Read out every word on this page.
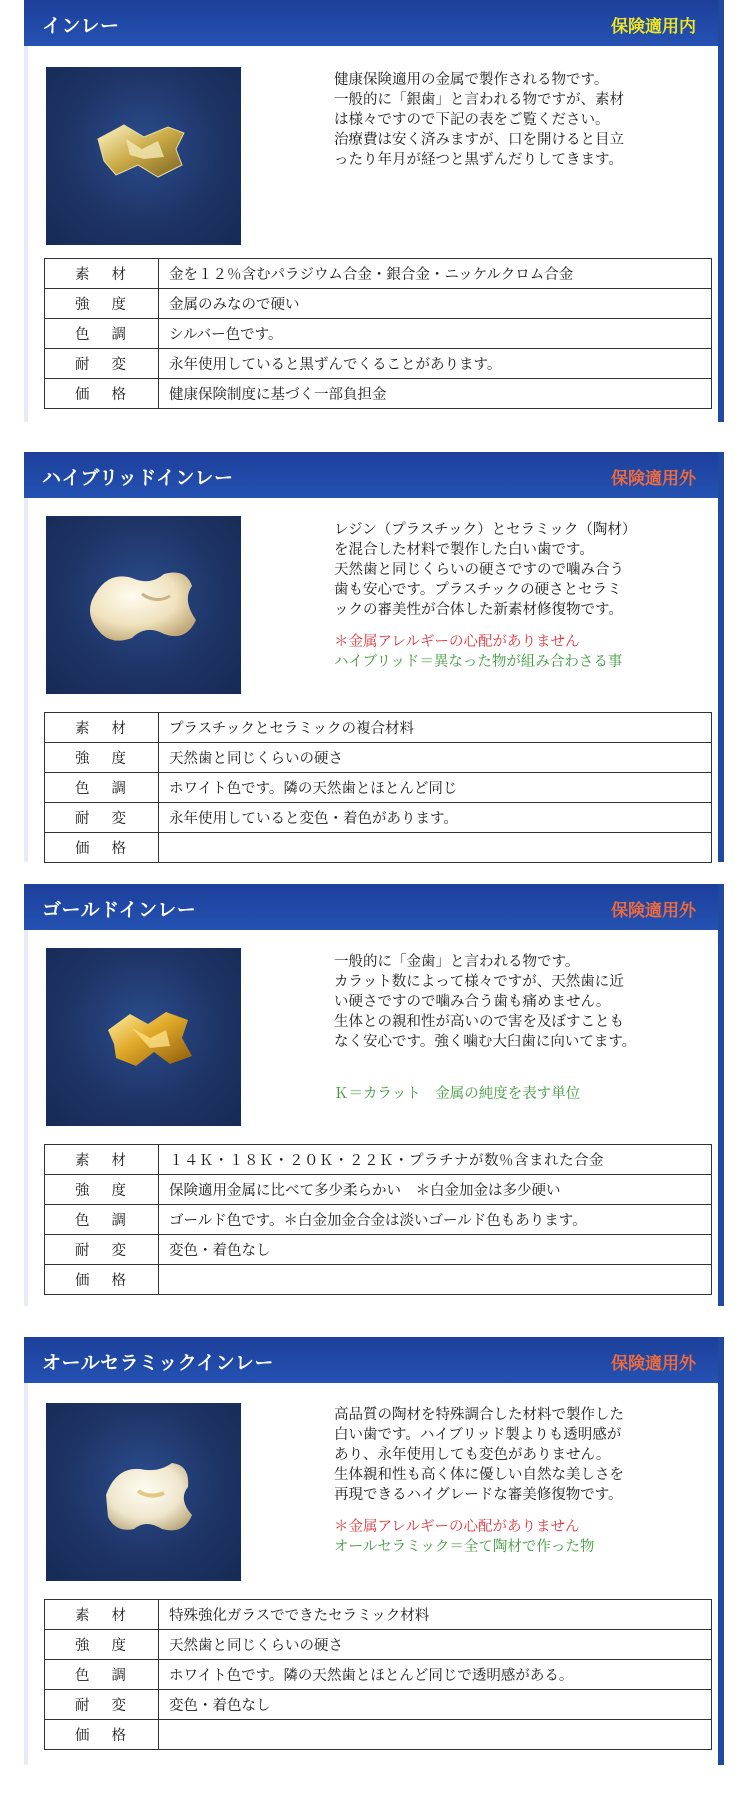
インレー	保険適用内

健康保険適用の金属で製作される物です。

一般的に「銀歯」と言われる物ですが、素材

は様々ですので下記の表をご覧ください。

治療費は安く済みますが、口を開けると目立

ったり年月が経つと黒ずんだりしてきます。

素材	金を１２％含むパラジウム合金・銀合金・ニッケルクロム合金
強度	金属のみなので硬い
色調	シルバー色です。
耐変	永年使用していると黒ずんでくることがあります。
価格	健康保険制度に基づく一部負担金
ハイブリッドインレー	保険適用外

レジン（プラスチック）とセラミック（陶材）

を混合した材料で製作した白い歯です。

天然歯と同じくらいの硬さですので噛み合う

歯も安心です。プラスチックの硬さとセラミ

ックの審美性が合体した新素材修復物です。

＊金属アレルギーの心配がありません

ハイブリッド＝異なった物が組み合わさる事

素材	プラスチックとセラミックの複合材料
強度	天然歯と同じくらいの硬さ
色調	ホワイト色です。隣の天然歯とほとんど同じ
耐変	永年使用していると変色・着色があります。
価格	
ゴールドインレー	保険適用外

一般的に「金歯」と言われる物です。

カラット数によって様々ですが、天然歯に近

い硬さですので噛み合う歯も痛めません。

生体との親和性が高いので害を及ぼすことも

なく安心です。強く噛む大臼歯に向いてます。

Ｋ＝カラット　金属の純度を表す単位

素材	１４Ｋ・１８Ｋ・２０Ｋ・２２Ｋ・プラチナが数％含まれた合金
強度	保険適用金属に比べて多少柔らかい　＊白金加金は多少硬い
色調	ゴールド色です。＊白金加金合金は淡いゴールド色もあります。
耐変	変色・着色なし
価格	
オールセラミックインレー	保険適用外

高品質の陶材を特殊調合した材料で製作した

白い歯です。ハイブリッド製よりも透明感が

あり、永年使用しても変色がありません。

生体親和性も高く体に優しい自然な美しさを

再現できるハイグレードな審美修復物です。

＊金属アレルギーの心配がありません

オールセラミック＝全て陶材で作った物

素材	特殊強化ガラスでできたセラミック材料
強度	天然歯と同じくらいの硬さ
色調	ホワイト色です。隣の天然歯とほとんど同じで透明感がある。
耐変	変色・着色なし
価格	
